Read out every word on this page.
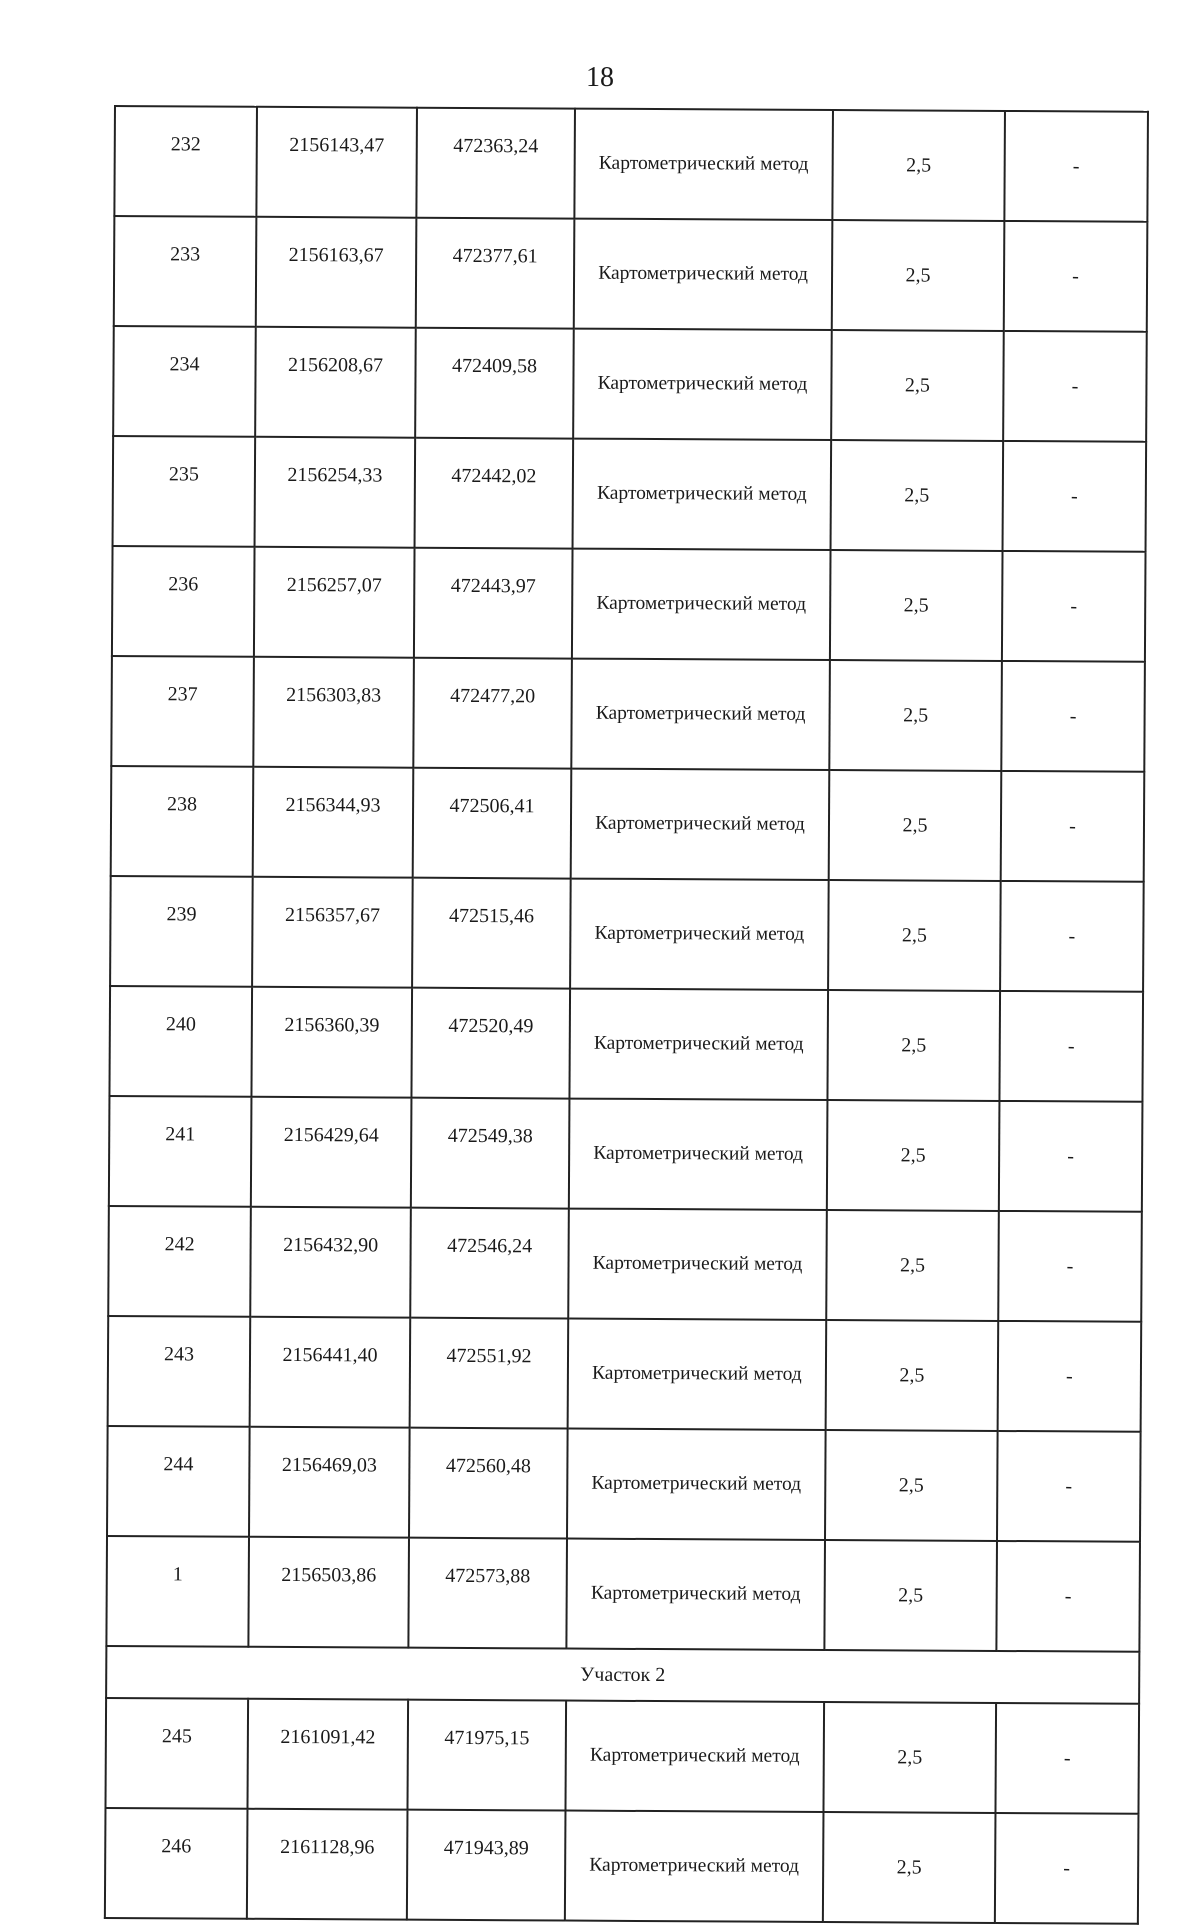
18
232	2156143,47	472363,24	Картометрический метод	2,5	-
233	2156163,67	472377,61	Картометрический метод	2,5	-
234	2156208,67	472409,58	Картометрический метод	2,5	-
235	2156254,33	472442,02	Картометрический метод	2,5	-
236	2156257,07	472443,97	Картометрический метод	2,5	-
237	2156303,83	472477,20	Картометрический метод	2,5	-
238	2156344,93	472506,41	Картометрический метод	2,5	-
239	2156357,67	472515,46	Картометрический метод	2,5	-
240	2156360,39	472520,49	Картометрический метод	2,5	-
241	2156429,64	472549,38	Картометрический метод	2,5	-
242	2156432,90	472546,24	Картометрический метод	2,5	-
243	2156441,40	472551,92	Картометрический метод	2,5	-
244	2156469,03	472560,48	Картометрический метод	2,5	-
1	2156503,86	472573,88	Картометрический метод	2,5	-
Участок 2					
245	2161091,42	471975,15	Картометрический метод	2,5	-
246	2161128,96	471943,89	Картометрический метод	2,5	-
